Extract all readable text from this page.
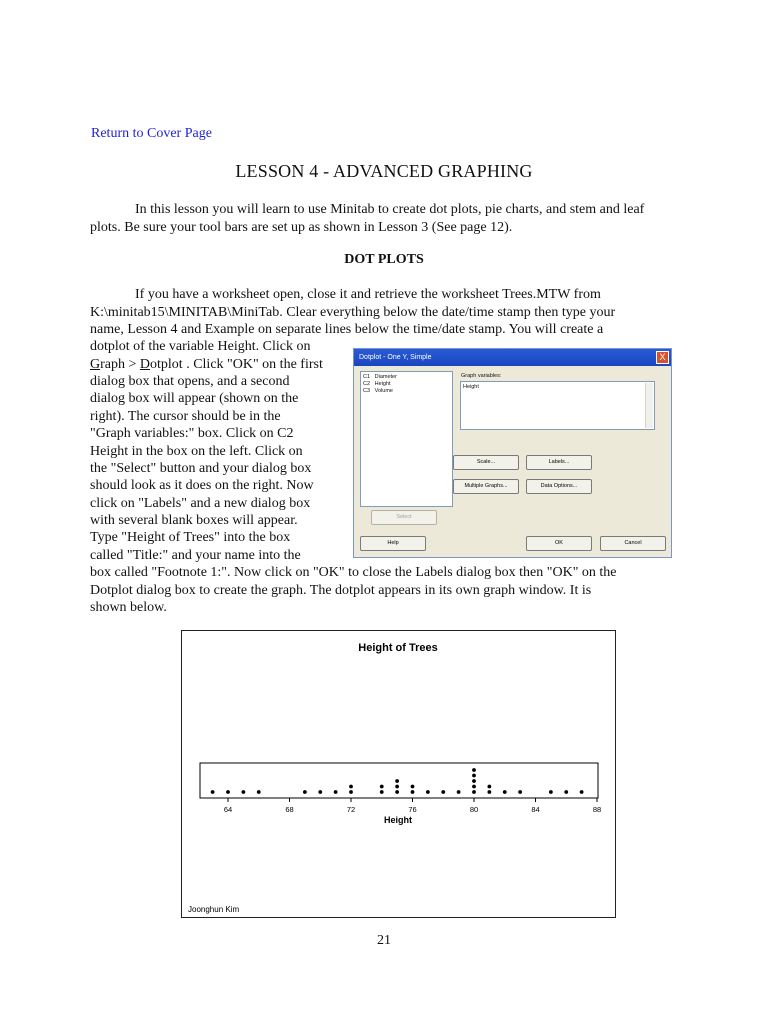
Return to Cover Page
LESSON 4 - ADVANCED GRAPHING

In this lesson you will learn to use Minitab to create dot plots, pie charts, and stem and leaf plots. Be sure your tool bars are set up as shown in Lesson 3 (See page 12).

DOT PLOTS
If you have a worksheet open, close it and retrieve the worksheet Trees.MTW from
K:\minitab15\MINITAB\MiniTab. Clear everything below the date/time stamp then type your
name, Lesson 4 and Example on separate lines below the time/date stamp. You will create a
dotplot of the variable Height. Click on
Graph > Dotplot . Click "OK" on the first
dialog box that opens, and a second
dialog box will appear (shown on the
right). The cursor should be in the
"Graph variables:" box. Click on C2
Height in the box on the left. Click on
the "Select" button and your dialog box
should look as it does on the right. Now
click on "Labels" and a new dialog box
with several blank boxes will appear.
Type "Height of Trees" into the box
called "Title:" and your name into the
box called "Footnote 1:". Now click on "OK" to close the Labels dialog box then "OK" on the
Dotplot dialog box to create the graph. The dotplot appears in its own graph window. It is
shown below.
Dotplot - One Y, Simple	X
C1 Diameter
C2 Height
C3 Volume
Graph variables:
Height
Scale...	Labels...
Multiple Graphs...	Data Options...
Select
Help	OK	Cancel
Height of Trees
64	68	72	76	80	84	88
Height
Joonghun Kim
21
